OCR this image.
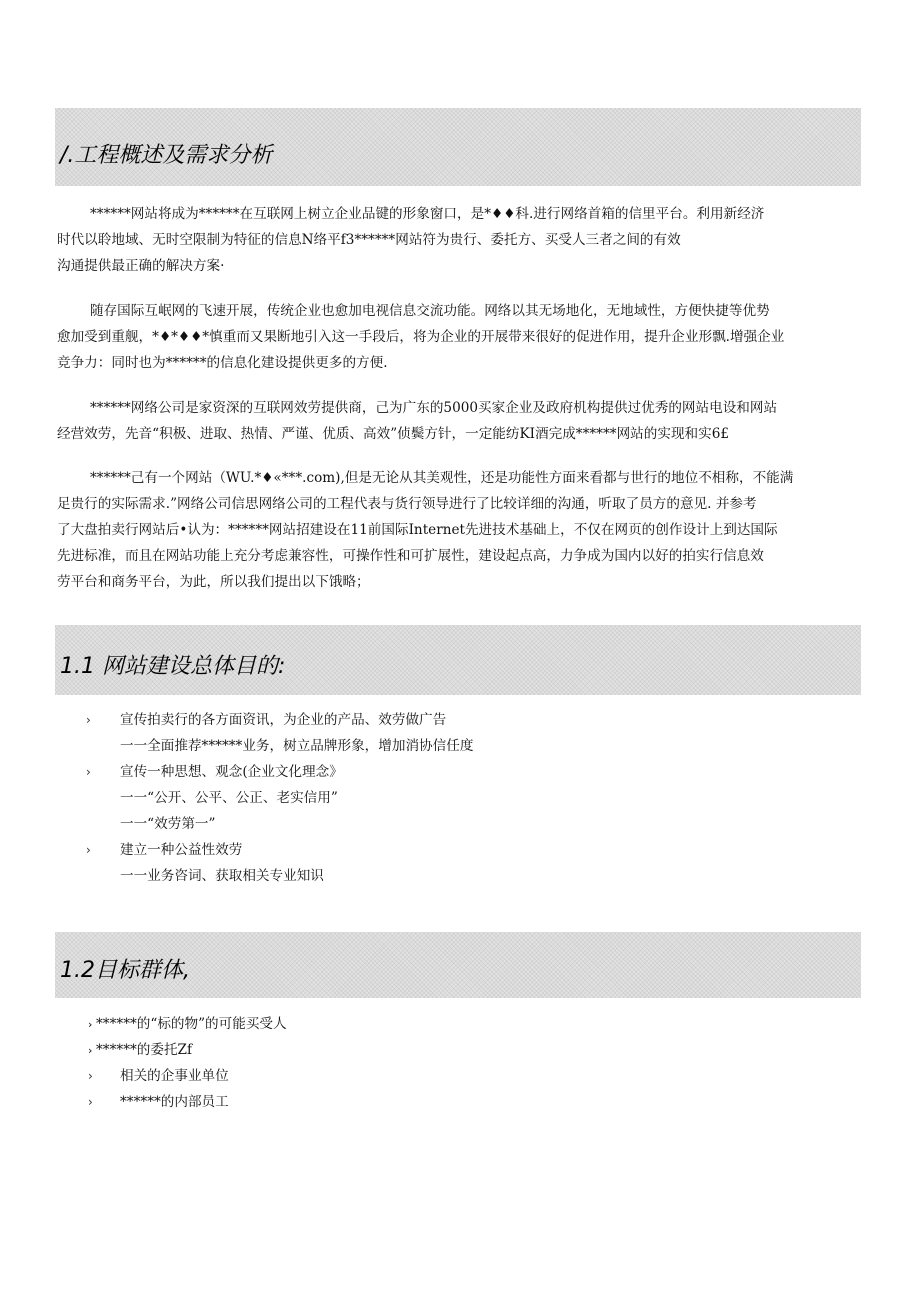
/.工程概述及需求分析
******网站将成为******在互联网上树立企业品键的形象窗口，是*♦♦科.进行网络首箱的信里平台。利用新经济
时代以聆地域、无时空限制为特征的信息N络平f3******网站符为贵行、委托方、买受人三者之间的有效
沟通提供最正确的解决方案·
随存国际互岷网的飞速开展，传统企业也愈加电视信息交流功能。网络以其无场地化，无地域性，方便快捷等优势
愈加受到重舰，*♦*♦♦*慎重而又果断地引入这一手段后，将为企业的开展带来很好的促进作用，提升企业形飘.增强企业
竞争力：同时也为******的信息化建设提供更多的方便.
******网络公司是家资深的互联网效劳提供商，己为广东的5000买家企业及政府机构提供过优秀的网站电设和网站
经营效劳，先音“积极、进取、热情、严谨、优质、高效”侦鬓方针，一定能纺KI酒完成******网站的实现和实6£
******己有一个网站（WU.*♦«***.com),但是无论从其美观性，还是功能性方面来看都与世行的地位不相称，不能满
足贵行的实际需求.”网络公司信思网络公司的工程代表与货行领导进行了比较详细的沟通，听取了员方的意见. 并参考
了大盘拍卖行网站后•认为：******网站招建设在11前国际Internet先进技术基础上，不仅在网页的创作设计上到达国际
先进标准，而且在网站功能上充分考虑兼容性，可操作性和可扩展性，建设起点高，力争成为国内以好的拍实行信息效
劳平台和商务平台，为此，所以我们提出以下饿略；
1.1 网站建设总体目的:
› 宣传拍卖行的各方面资讯，为企业的产品、效劳做广告
一一全面推荐******业务，树立品牌形象，增加消协信任度
› 宣传一种思想、观念(企业文化理念》
一一“公开、公平、公正、老实信用”
一一“效劳第一”
› 建立一种公益性效劳
一一业务咨词、获取相关专业知识
1.2目标群体,
› ******的“标的物”的可能买受人
› ******的委托Zf
› 相关的企事业单位
› ******的内部员工
